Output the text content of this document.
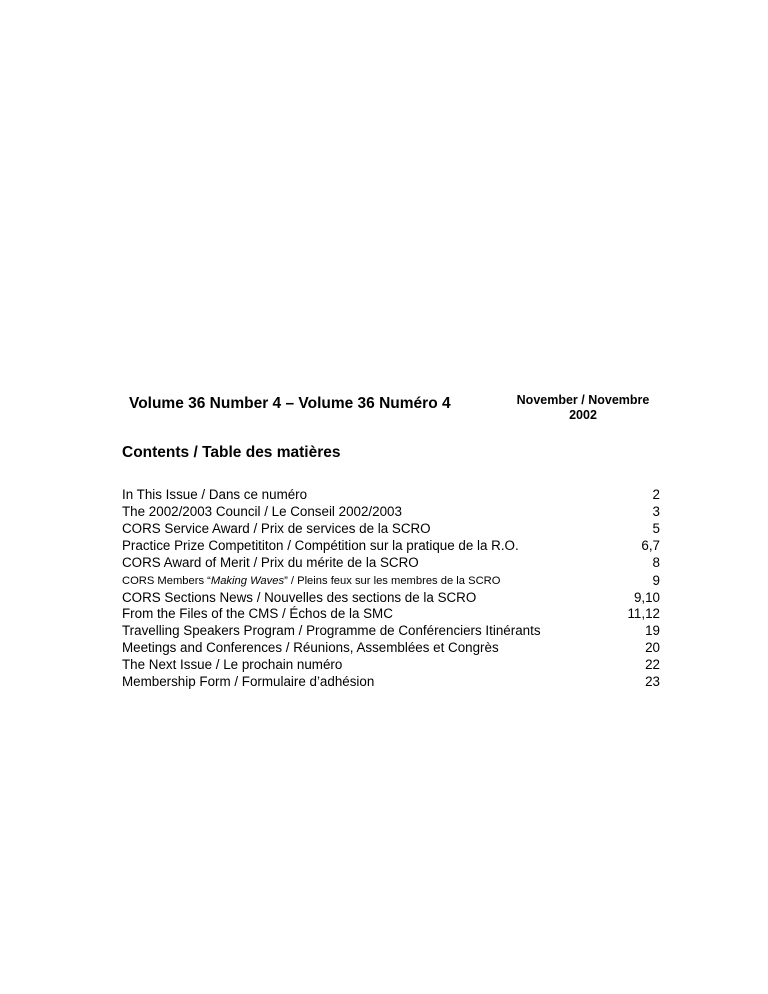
Volume 36 Number 4 – Volume 36 Numéro 4	November / Novembre
2002
Contents / Table des matières
In This Issue / Dans ce numéro	2
The 2002/2003 Council / Le Conseil 2002/2003	3
CORS Service Award / Prix de services de la SCRO	5
Practice Prize Competititon / Compétition sur la pratique de la R.O.	6,7
CORS Award of Merit / Prix du mérite de la SCRO	8
CORS Members “Making Waves” / Pleins feux sur les membres de la SCRO	9
CORS Sections News / Nouvelles des sections de la SCRO	9,10
From the Files of the CMS / Échos de la SMC	11,12
Travelling Speakers Program / Programme de Conférenciers Itinérants	19
Meetings and Conferences / Réunions, Assemblées et Congrès	20
The Next Issue / Le prochain numéro	22
Membership Form / Formulaire d’adhésion	23
